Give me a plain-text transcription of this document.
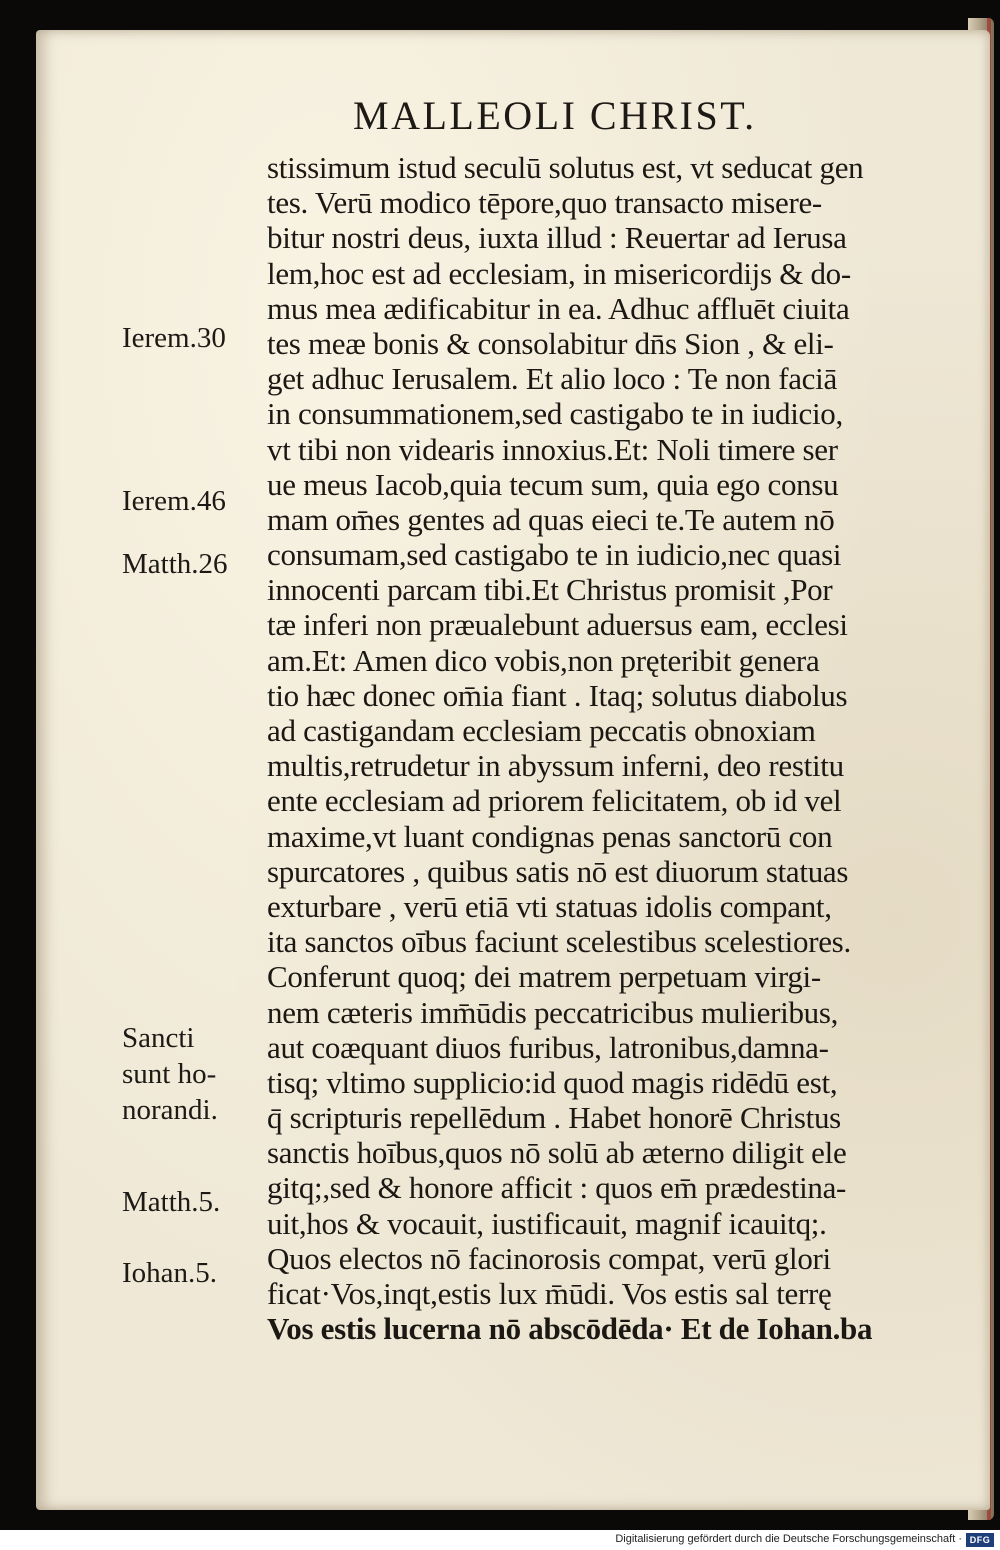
MALLEOLI CHRIST.
stissimum istud seculū solutus est, vt seducat gen
tes. Verū modico tēpore,quo transacto misere-
bitur nostri deus, iuxta illud : Reuertar ad Ierusa
lem,hoc est ad ecclesiam, in misericordijs & do-
mus mea ædificabitur in ea. Adhuc affluēt ciuita
tes meæ bonis & consolabitur dn̄s Sion , & eli-
get adhuc Ierusalem. Et alio loco : Te non faciā
in consummationem,sed castigabo te in iudicio,
vt tibi non videaris innoxius.Et: Noli timere ser
ue meus Iacob,quia tecum sum, quia ego consu
mam om̄es gentes ad quas eieci te.Te autem nō
consumam,sed castigabo te in iudicio,nec quasi
innocenti parcam tibi.Et Christus promisit ,Por
tæ inferi non præualebunt aduersus eam, ecclesi
am.Et: Amen dico vobis,non pręteribit genera
tio hæc donec om̄ia fiant . Itaq; solutus diabolus
ad castigandam ecclesiam peccatis obnoxiam
multis,retrudetur in abyssum inferni, deo restitu
ente ecclesiam ad priorem felicitatem, ob id vel
maxime,vt luant condignas penas sanctorū con
spurcatores , quibus satis nō est diuorum statuas
exturbare , verū etiā vti statuas idolis compant,
ita sanctos oībus faciunt scelestibus scelestiores.
Conferunt quoq; dei matrem perpetuam virgi-
nem cæteris imm̄ūdis peccatricibus mulieribus,
aut coæquant diuos furibus, latronibus,damna-
tisq; vltimo supplicio:id quod magis ridēdū est,
q̄ scripturis repellēdum . Habet honorē Christus
sanctis hoībus,quos nō solū ab æterno diligit ele
gitq;,sed & honore afficit : quos em̄ prædestina-
uit,hos & vocauit, iustificauit, magnif icauitq;.
Quos electos nō facinorosis compat, verū glori
ficat·Vos,inqt,estis lux m̄ūdi. Vos estis sal terrę
Vos estis lucerna nō abscōdēda· Et de Iohan.ba
Ierem.30
Ierem.46
Matth.26
Sancti
sunt ho-
norandi.
Matth.5.
Iohan.5.
Digitalisierung gefördert durch die Deutsche Forschungsgemeinschaft · DFG
